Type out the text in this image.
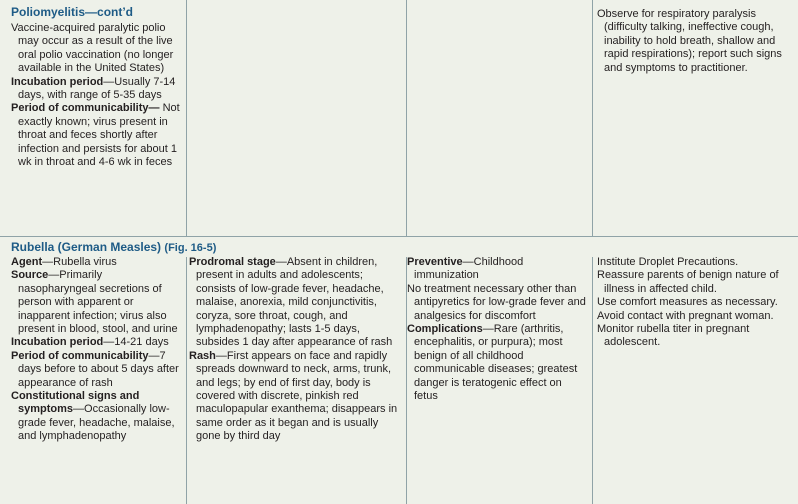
Poliomyelitis—cont’d

Vaccine-acquired paralytic polio may occur as a result of the live oral polio vaccination (no longer available in the United States)

Incubation period—Usually 7-14 days, with range of 5-35 days

Period of communicability— Not exactly known; virus present in throat and feces shortly after infection and persists for about 1 wk in throat and 4-6 wk in feces

Observe for respiratory paralysis (difficulty talking, ineffective cough, inability to hold breath, shallow and rapid respirations); report such signs and symptoms to practitioner.

Rubella (German Measles) (Fig. 16-5)

Agent—Rubella virus

Source—Primarily nasopharyngeal secretions of person with apparent or inapparent infection; virus also present in blood, stool, and urine

Incubation period—14-21 days

Period of communicability—7 days before to about 5 days after appearance of rash

Constitutional signs and symptoms—Occasionally low-grade fever, headache, malaise, and lymphadenopathy

Prodromal stage—Absent in children, present in adults and adolescents; consists of low-grade fever, headache, malaise, anorexia, mild conjunctivitis, coryza, sore throat, cough, and lymphadenopathy; lasts 1-5 days, subsides 1 day after appearance of rash

Rash—First appears on face and rapidly spreads downward to neck, arms, trunk, and legs; by end of first day, body is covered with discrete, pinkish red maculopapular exanthema; disappears in same order as it began and is usually gone by third day

Preventive—Childhood immunization

No treatment necessary other than antipyretics for low-grade fever and analgesics for discomfort

Complications—Rare (arthritis, encephalitis, or purpura); most benign of all childhood communicable diseases; greatest danger is teratogenic effect on fetus

Institute Droplet Precautions.

Reassure parents of benign nature of illness in affected child.

Use comfort measures as necessary.

Avoid contact with pregnant woman.

Monitor rubella titer in pregnant adolescent.
